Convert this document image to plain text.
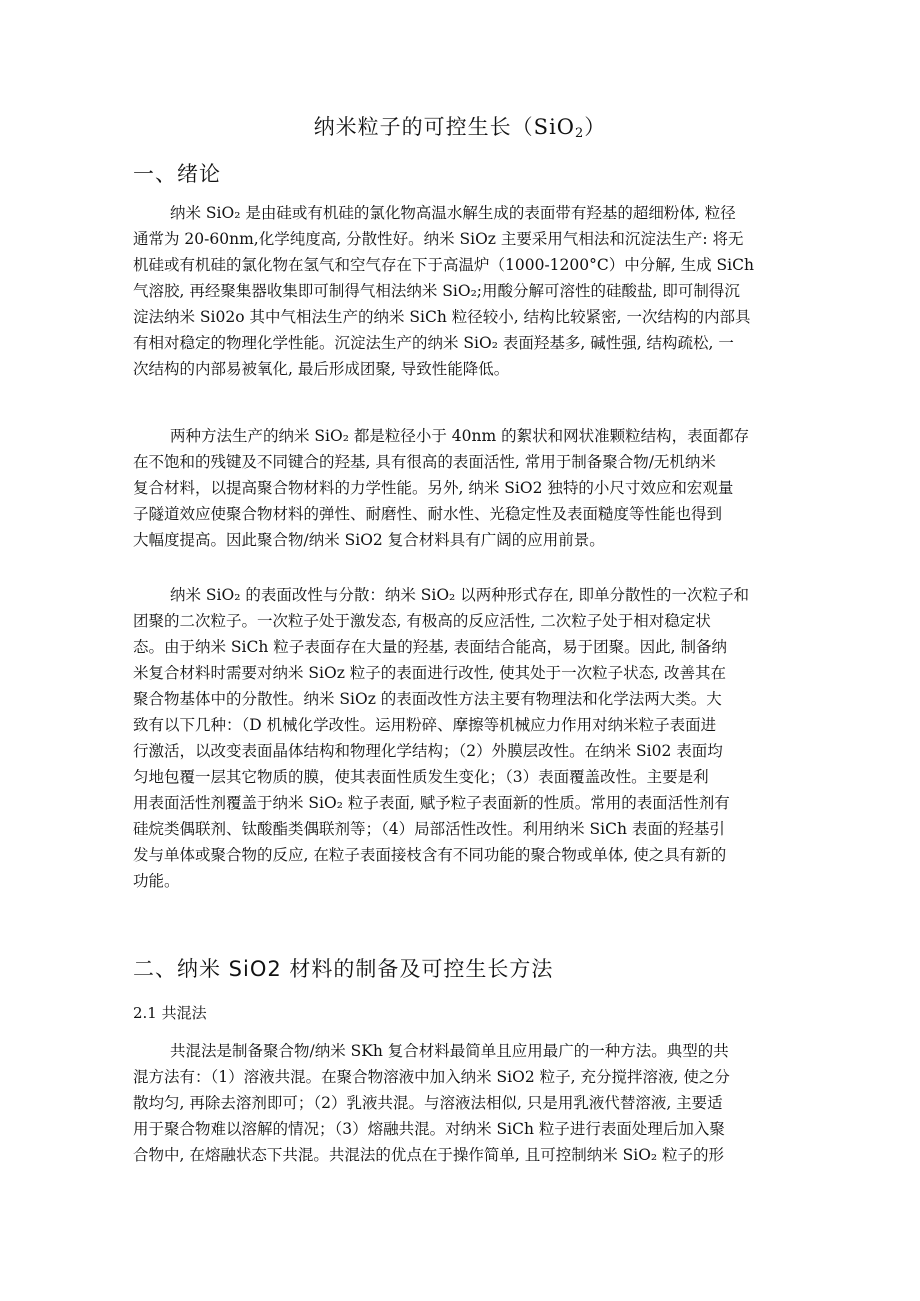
纳米粒子的可控生长（SiO$_2$）
一、绪论
纳米 SiO₂ 是由硅或有机硅的氯化物高温水解生成的表面带有羟基的超细粉体, 粒径
通常为 20-60nm,化学纯度高, 分散性好。纳米 SiOz 主要采用气相法和沉淀法生产: 将无
机硅或有机硅的氯化物在氢气和空气存在下于高温炉（1000-1200°C）中分解, 生成 SiCh
气溶胶, 再经聚集器收集即可制得气相法纳米 SiO₂;用酸分解可溶性的硅酸盐, 即可制得沉
淀法纳米 Si02o 其中气相法生产的纳米 SiCh 粒径较小, 结构比较紧密, 一次结构的内部具
有相对稳定的物理化学性能。沉淀法生产的纳米 SiO₂ 表面羟基多, 碱性强, 结构疏松, 一
次结构的内部易被氧化, 最后形成团聚, 导致性能降低。
两种方法生产的纳米 SiO₂ 都是粒径小于 40nm 的絮状和网状准颗粒结构，表面都存
在不饱和的残键及不同键合的羟基, 具有很高的表面活性, 常用于制备聚合物/无机纳米
复合材料，以提高聚合物材料的力学性能。另外, 纳米 SiO2 独特的小尺寸效应和宏观量
子隧道效应使聚合物材料的弹性、耐磨性、耐水性、光稳定性及表面糙度等性能也得到
大幅度提高。因此聚合物/纳米 SiO2 复合材料具有广阔的应用前景。
纳米 SiO₂ 的表面改性与分散：纳米 SiO₂ 以两种形式存在, 即单分散性的一次粒子和
团聚的二次粒子。一次粒子处于激发态, 有极高的反应活性, 二次粒子处于相对稳定状
态。由于纳米 SiCh 粒子表面存在大量的羟基, 表面结合能高，易于团聚。因此, 制备纳
米复合材料时需要对纳米 SiOz 粒子的表面进行改性, 使其处于一次粒子状态, 改善其在
聚合物基体中的分散性。纳米 SiOz 的表面改性方法主要有物理法和化学法两大类。大
致有以下几种：（D 机械化学改性。运用粉碎、摩擦等机械应力作用对纳米粒子表面进
行激活，以改变表面晶体结构和物理化学结构；（2）外膜层改性。在纳米 Si02 表面均
匀地包覆一层其它物质的膜，使其表面性质发生变化；（3）表面覆盖改性。主要是利
用表面活性剂覆盖于纳米 SiO₂ 粒子表面, 赋予粒子表面新的性质。常用的表面活性剂有
硅烷类偶联剂、钛酸酯类偶联剂等；（4）局部活性改性。利用纳米 SiCh 表面的羟基引
发与单体或聚合物的反应, 在粒子表面接枝含有不同功能的聚合物或单体, 使之具有新的
功能。
二、纳米 SiO2 材料的制备及可控生长方法
2.1 共混法
共混法是制备聚合物/纳米 SKh 复合材料最简单且应用最广的一种方法。典型的共
混方法有：（1）溶液共混。在聚合物溶液中加入纳米 SiO2 粒子, 充分搅拌溶液, 使之分
散均匀, 再除去溶剂即可；（2）乳液共混。与溶液法相似, 只是用乳液代替溶液, 主要适
用于聚合物难以溶解的情况；（3）熔融共混。对纳米 SiCh 粒子进行表面处理后加入聚
合物中, 在熔融状态下共混。共混法的优点在于操作简单, 且可控制纳米 SiO₂ 粒子的形
